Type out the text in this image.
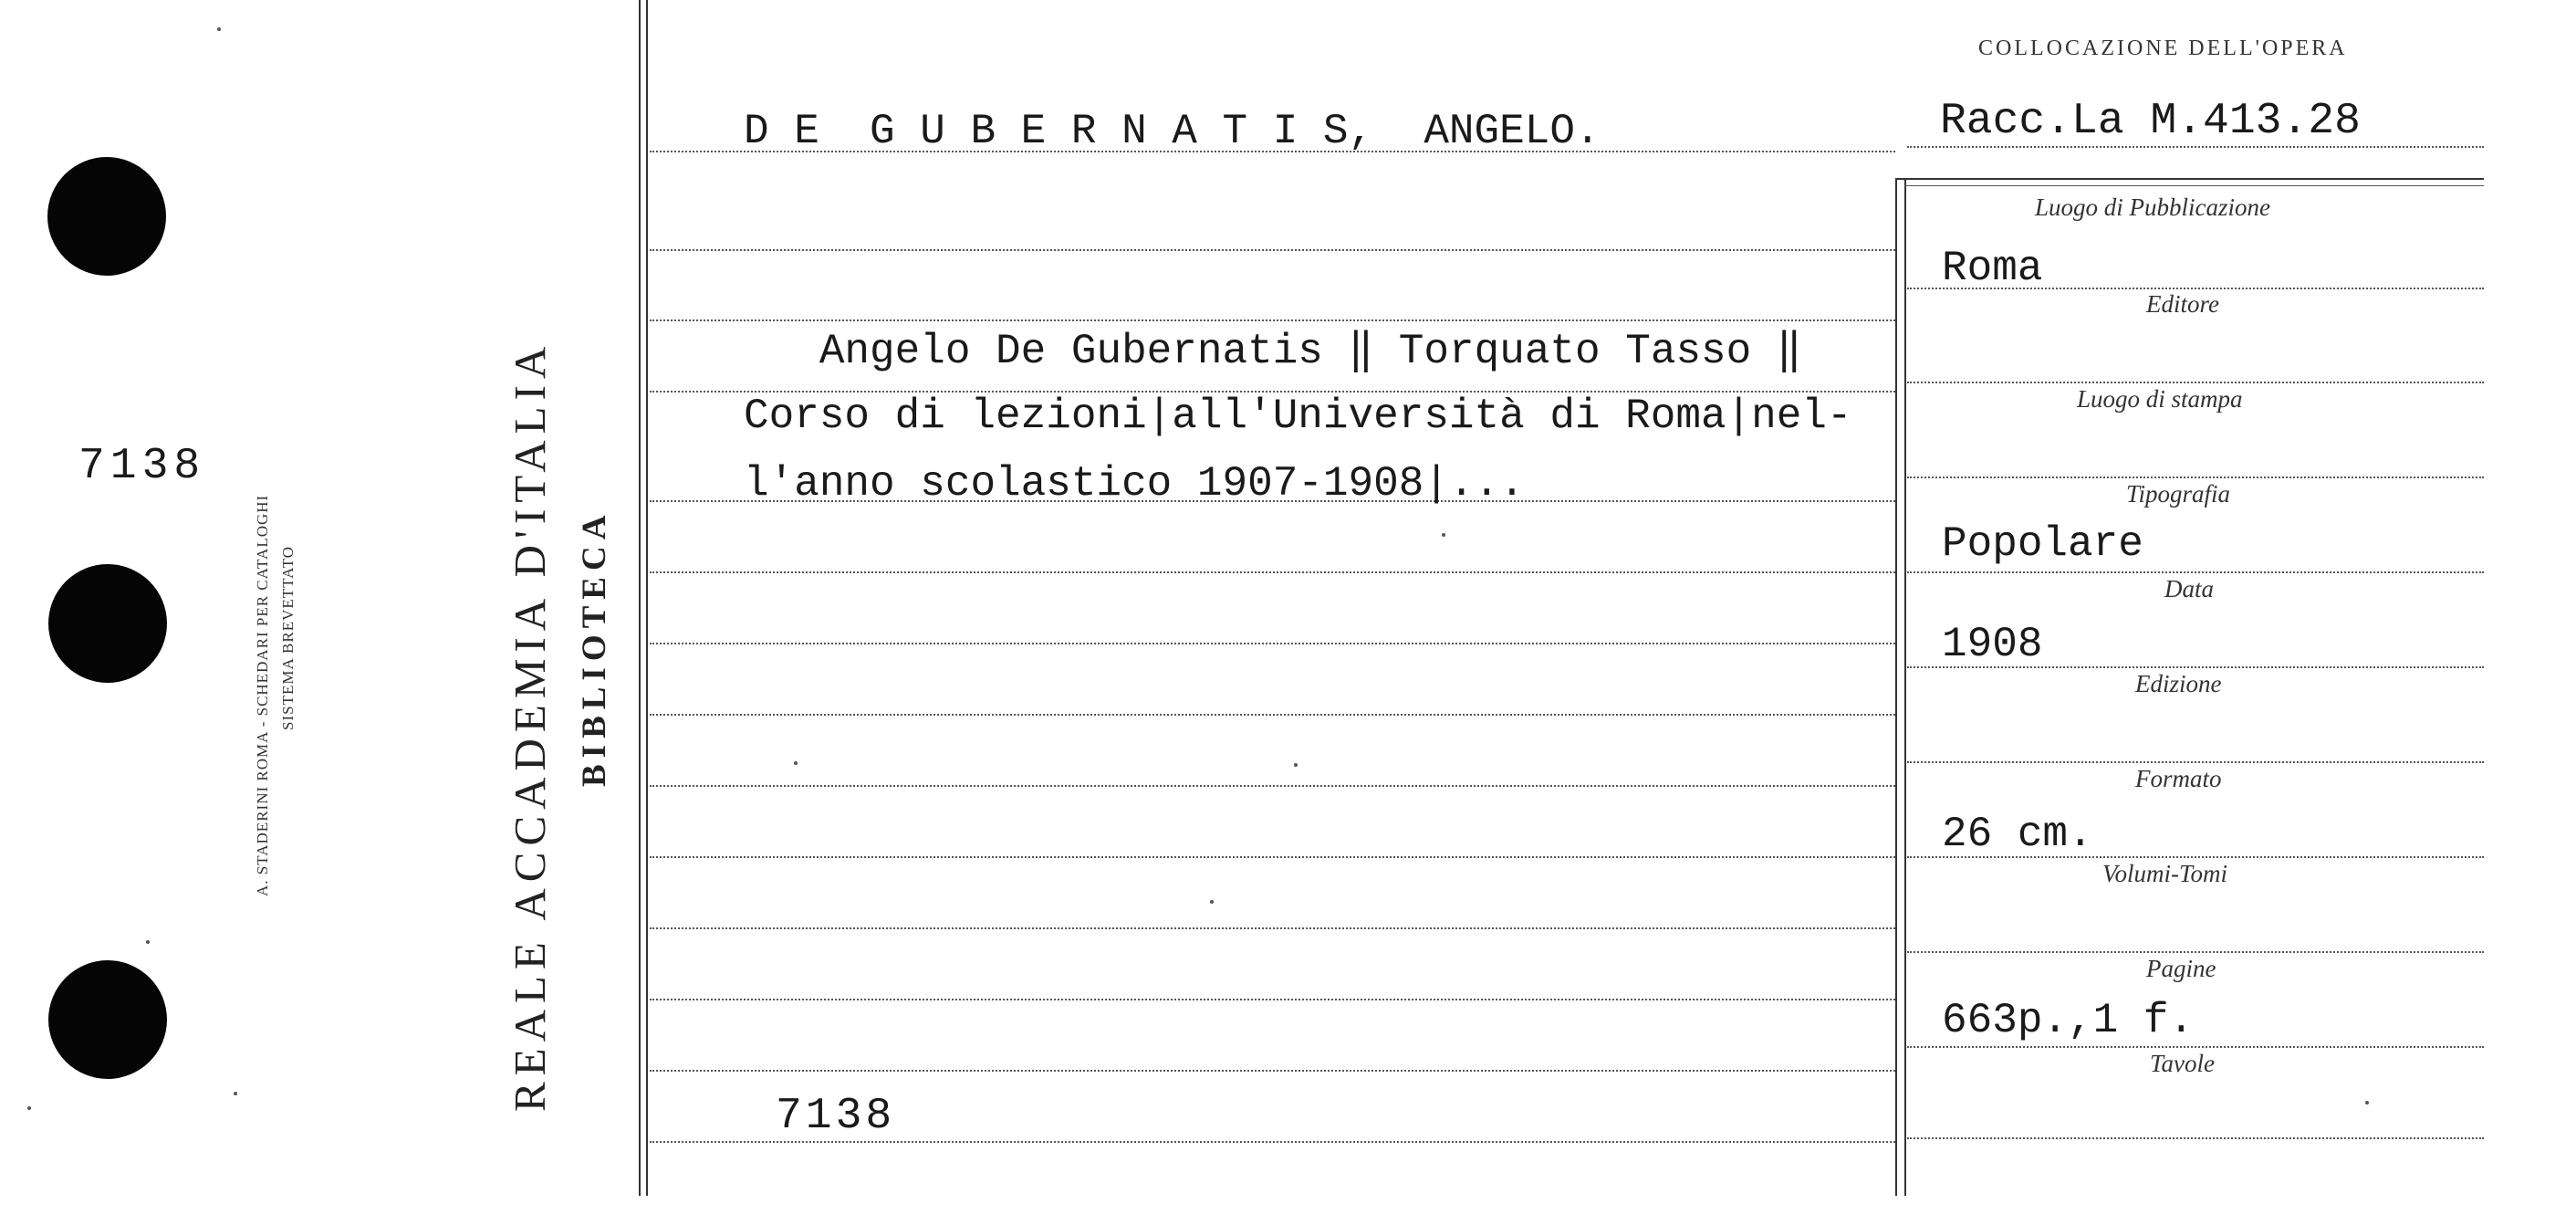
7138
A. STADERINI ROMA - SCHEDARI PER CATALOGHI SISTEMA BREVETTATO	REALE ACCADEMIA D'ITALIA BIBLIOTECA
COLLOCAZIONE DELL'OPERA
Racc.La M.413.28
D E  G U B E R N A T I S,  ANGELO.
Angelo De Gubernatis ‖ Torquato Tasso ‖
Corso di lezioni|all'Università di Roma|nel-
l'anno scolastico 1907-1908|...
7138
Luogo di Pubblicazione
Editore
Luogo di stampa
Tipografia
Data
Edizione
Formato
Volumi-Tomi
Pagine
Tavole
Roma
Popolare
1908
26 cm.
663p.,1 f.
